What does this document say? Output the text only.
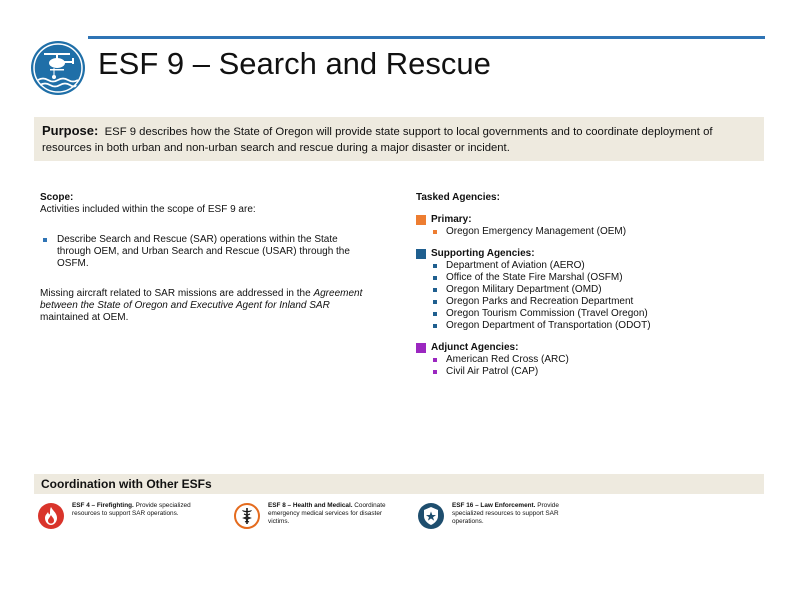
ESF 9 – Search and Rescue
Purpose: ESF 9 describes how the State of Oregon will provide state support to local governments and to coordinate deployment of resources in both urban and non-urban search and rescue during a major disaster or incident.
Scope:
Activities included within the scope of ESF 9 are:
Describe Search and Rescue (SAR) operations within the State through OEM, and Urban Search and Rescue (USAR) through the OSFM.

Missing aircraft related to SAR missions are addressed in the Agreement between the State of Oregon and Executive Agent for Inland SAR maintained at OEM.

Tasked Agencies:
Primary:
Oregon Emergency Management (OEM)
Supporting Agencies:
Department of Aviation (AERO)
Office of the State Fire Marshal (OSFM)
Oregon Military Department (OMD)
Oregon Parks and Recreation Department
Oregon Tourism Commission (Travel Oregon)
Oregon Department of Transportation (ODOT)
Adjunct Agencies:
American Red Cross (ARC)
Civil Air Patrol (CAP)
Coordination with Other ESFs
ESF 4 – Firefighting. Provide specialized resources to support SAR operations.
ESF 8 – Health and Medical. Coordinate emergency medical services for disaster victims.
ESF 16 – Law Enforcement. Provide specialized resources to support SAR operations.
